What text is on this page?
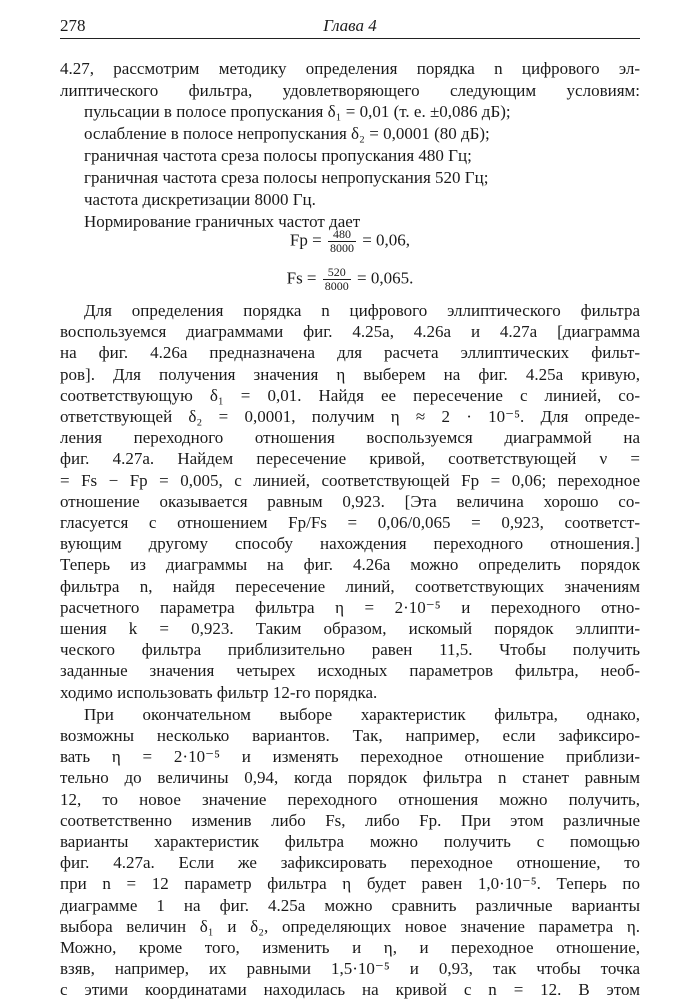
278	Глава 4
4.27, рассмотрим методику определения порядка n цифрового эл-
липтического фильтра, удовлетворяющего следующим условиям:
пульсации в полосе пропускания δ₁ = 0,01 (т. е. ±0,086 дБ);
ослабление в полосе непропускания δ₂ = 0,0001 (80 дБ);
граничная частота среза полосы пропускания 480 Гц;
граничная частота среза полосы непропускания 520 Гц;
частота дискретизации 8000 Гц.
Нормирование граничных частот дает
$Fp = \frac{480}{8000} = 0,06$,
$Fs = \frac{520}{8000} = 0,065$.
Для определения порядка n цифрового эллиптического фильтра
воспользуемся диаграммами фиг. 4.25а, 4.26а и 4.27а [диаграмма
на фиг. 4.26а предназначена для расчета эллиптических фильт-
ров]. Для получения значения η выберем на фиг. 4.25а кривую,
соответствующую δ₁ = 0,01. Найдя ее пересечение с линией, со-
ответствующей δ₂ = 0,0001, получим η ≈ 2 · 10⁻⁵. Для опреде-
ления переходного отношения воспользуемся диаграммой на
фиг. 4.27а. Найдем пересечение кривой, соответствующей ν =
= Fs − Fp = 0,005, с линией, соответствующей Fp = 0,06; переходное
отношение оказывается равным 0,923. [Эта величина хорошо со-
гласуется с отношением Fp/Fs = 0,06/0,065 = 0,923, соответст-
вующим другому способу нахождения переходного отношения.]
Теперь из диаграммы на фиг. 4.26а можно определить порядок
фильтра n, найдя пересечение линий, соответствующих значениям
расчетного параметра фильтра η = 2·10⁻⁵ и переходного отно-
шения k = 0,923. Таким образом, искомый порядок эллипти-
ческого фильтра приблизительно равен 11,5. Чтобы получить
заданные значения четырех исходных параметров фильтра, необ-
ходимо использовать фильтр 12-го порядка.
При окончательном выборе характеристик фильтра, однако,
возможны несколько вариантов. Так, например, если зафиксиро-
вать η = 2·10⁻⁵ и изменять переходное отношение приблизи-
тельно до величины 0,94, когда порядок фильтра n станет равным
12, то новое значение переходного отношения можно получить,
соответственно изменив либо Fs, либо Fp. При этом различные
варианты характеристик фильтра можно получить с помощью
фиг. 4.27а. Если же зафиксировать переходное отношение, то
при n = 12 параметр фильтра η будет равен 1,0·10⁻⁵. Теперь по
диаграмме 1 на фиг. 4.25а можно сравнить различные варианты
выбора величин δ₁ и δ₂, определяющих новое значение параметра η.
Можно, кроме того, изменить и η, и переходное отношение,
взяв, например, их равными 1,5·10⁻⁵ и 0,93, так чтобы точка
с этими координатами находилась на кривой с n = 12. В этом
